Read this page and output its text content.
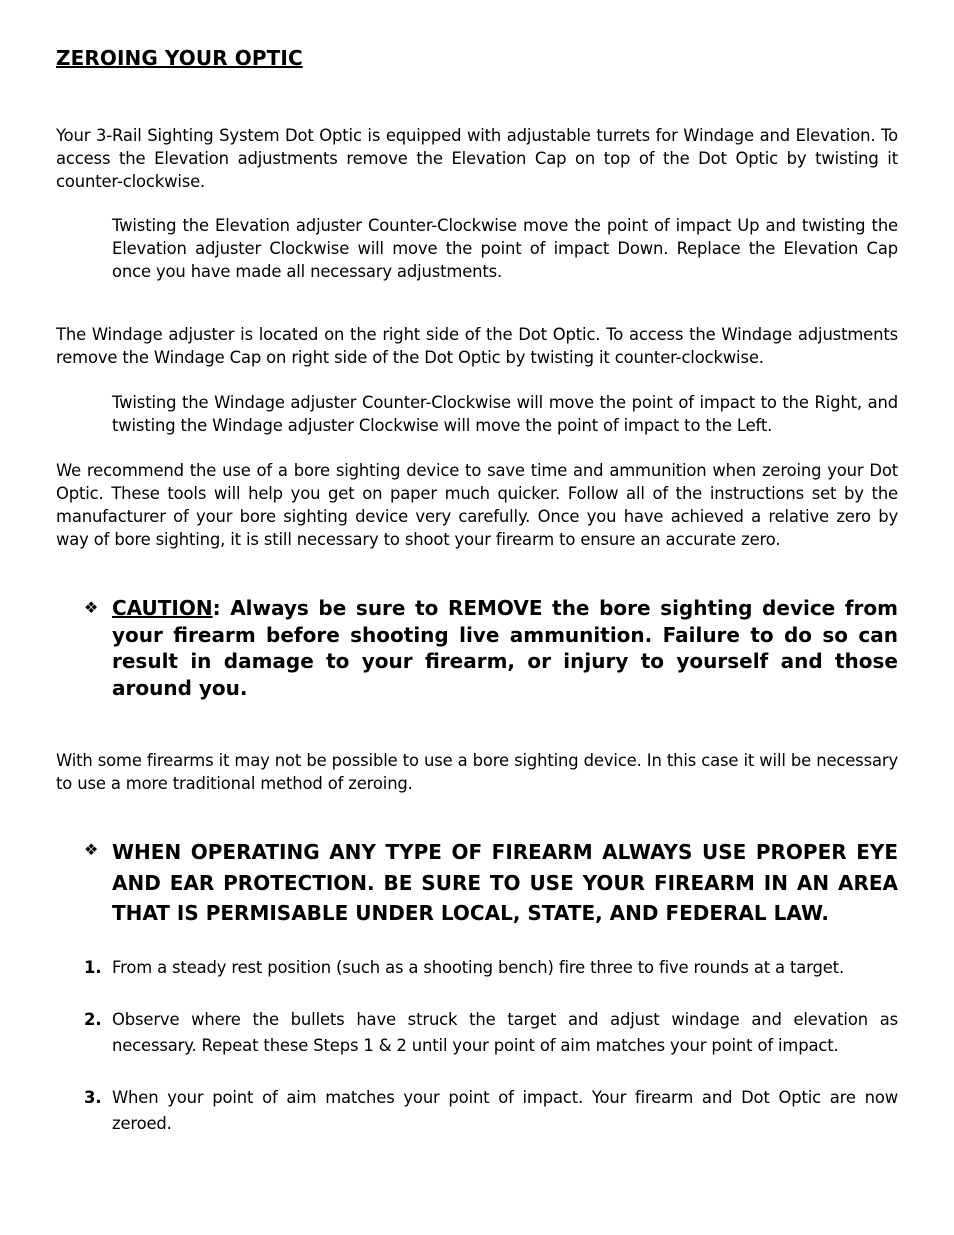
ZEROING YOUR OPTIC

Your 3-Rail Sighting System Dot Optic is equipped with adjustable turrets for Windage and Elevation. To access the Elevation adjustments remove the Elevation Cap on top of the Dot Optic by twisting it counter-clockwise.

Twisting the Elevation adjuster Counter-Clockwise move the point of impact Up and twisting the Elevation adjuster Clockwise will move the point of impact Down. Replace the Elevation Cap once you have made all necessary adjustments.

The Windage adjuster is located on the right side of the Dot Optic. To access the Windage adjustments remove the Windage Cap on right side of the Dot Optic by twisting it counter-clockwise.

Twisting the Windage adjuster Counter-Clockwise will move the point of impact to the Right, and twisting the Windage adjuster Clockwise will move the point of impact to the Left.

We recommend the use of a bore sighting device to save time and ammunition when zeroing your Dot Optic. These tools will help you get on paper much quicker. Follow all of the instructions set by the manufacturer of your bore sighting device very carefully. Once you have achieved a relative zero by way of bore sighting, it is still necessary to shoot your firearm to ensure an accurate zero.

❖ CAUTION: Always be sure to REMOVE the bore sighting device from your firearm before shooting live ammunition. Failure to do so can result in damage to your firearm, or injury to yourself and those around you.

With some firearms it may not be possible to use a bore sighting device. In this case it will be necessary to use a more traditional method of zeroing.

❖ WHEN OPERATING ANY TYPE OF FIREARM ALWAYS USE PROPER EYE AND EAR PROTECTION. BE SURE TO USE YOUR FIREARM IN AN AREA THAT IS PERMISABLE UNDER LOCAL, STATE, AND FEDERAL LAW.

1. From a steady rest position (such as a shooting bench) fire three to five rounds at a target.

2. Observe where the bullets have struck the target and adjust windage and elevation as necessary. Repeat these Steps 1 & 2 until your point of aim matches your point of impact.

3. When your point of aim matches your point of impact. Your firearm and Dot Optic are now zeroed.
